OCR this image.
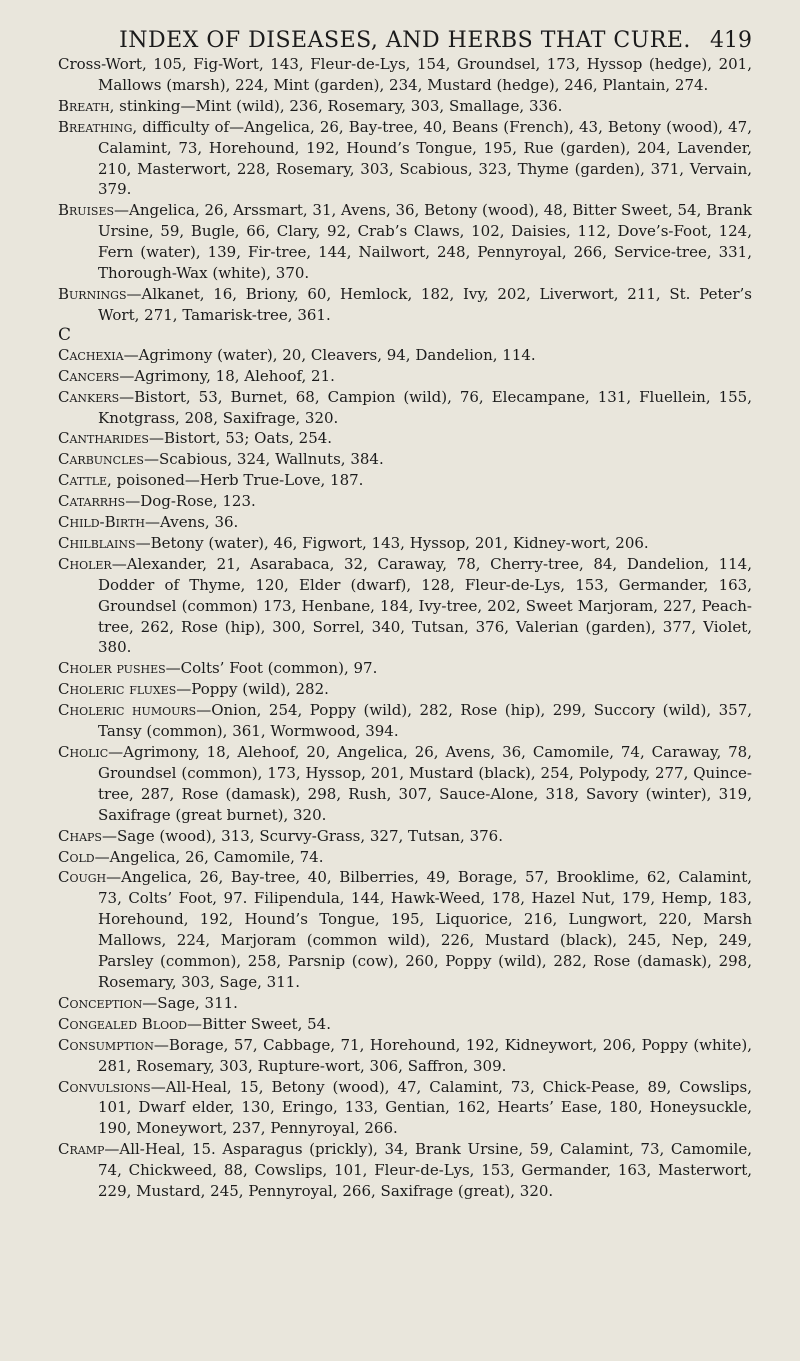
INDEX OF DISEASES, AND HERBS THAT CURE. 419

Cross-Wort, 105, Fig-Wort, 143, Fleur-de-Lys, 154, Groundsel, 173, Hyssop (hedge), 201, Mallows (marsh), 224, Mint (garden), 234, Mustard (hedge), 246, Plantain, 274.

Breath, stinking—Mint (wild), 236, Rosemary, 303, Smallage, 336.

Breathing, difficulty of—Angelica, 26, Bay-tree, 40, Beans (French), 43, Betony (wood), 47, Calamint, 73, Horehound, 192, Hound’s Tongue, 195, Rue (garden), 204, Lavender, 210, Masterwort, 228, Rosemary, 303, Scabious, 323, Thyme (garden), 371, Vervain, 379.

Bruises—Angelica, 26, Arssmart, 31, Avens, 36, Betony (wood), 48, Bitter Sweet, 54, Brank Ursine, 59, Bugle, 66, Clary, 92, Crab’s Claws, 102, Daisies, 112, Dove’s-Foot, 124, Fern (water), 139, Fir-tree, 144, Nailwort, 248, Pennyroyal, 266, Service-tree, 331, Thorough-Wax (white), 370.

Burnings—Alkanet, 16, Briony, 60, Hemlock, 182, Ivy, 202, Liverwort, 211, St. Peter’s Wort, 271, Tamarisk-tree, 361.

C

Cachexia—Agrimony (water), 20, Cleavers, 94, Dandelion, 114.

Cancers—Agrimony, 18, Alehoof, 21.

Cankers—Bistort, 53, Burnet, 68, Campion (wild), 76, Elecampane, 131, Fluellein, 155, Knotgrass, 208, Saxifrage, 320.

Cantharides—Bistort, 53; Oats, 254.

Carbuncles—Scabious, 324, Wallnuts, 384.

Cattle, poisoned—Herb True-Love, 187.

Catarrhs—Dog-Rose, 123.

Child-Birth—Avens, 36.

Chilblains—Betony (water), 46, Figwort, 143, Hyssop, 201, Kidney-wort, 206.

Choler—Alexander, 21, Asarabaca, 32, Caraway, 78, Cherry-tree, 84, Dandelion, 114, Dodder of Thyme, 120, Elder (dwarf), 128, Fleur-de-Lys, 153, Germander, 163, Groundsel (common) 173, Henbane, 184, Ivy-tree, 202, Sweet Marjoram, 227, Peach-tree, 262, Rose (hip), 300, Sorrel, 340, Tutsan, 376, Valerian (garden), 377, Violet, 380.

Choler pushes—Colts’ Foot (common), 97.

Choleric fluxes—Poppy (wild), 282.

Choleric humours—Onion, 254, Poppy (wild), 282, Rose (hip), 299, Succory (wild), 357, Tansy (common), 361, Wormwood, 394.

Cholic—Agrimony, 18, Alehoof, 20, Angelica, 26, Avens, 36, Camomile, 74, Caraway, 78, Groundsel (common), 173, Hyssop, 201, Mustard (black), 254, Polypody, 277, Quince-tree, 287, Rose (damask), 298, Rush, 307, Sauce-Alone, 318, Savory (winter), 319, Saxifrage (great burnet), 320.

Chaps—Sage (wood), 313, Scurvy-Grass, 327, Tutsan, 376.

Cold—Angelica, 26, Camomile, 74.

Cough—Angelica, 26, Bay-tree, 40, Bilberries, 49, Borage, 57, Brooklime, 62, Calamint, 73, Colts’ Foot, 97. Filipendula, 144, Hawk-Weed, 178, Hazel Nut, 179, Hemp, 183, Horehound, 192, Hound’s Tongue, 195, Liquorice, 216, Lungwort, 220, Marsh Mallows, 224, Marjoram (common wild), 226, Mustard (black), 245, Nep, 249, Parsley (common), 258, Parsnip (cow), 260, Poppy (wild), 282, Rose (damask), 298, Rosemary, 303, Sage, 311.

Conception—Sage, 311.

Congealed Blood—Bitter Sweet, 54.

Consumption—Borage, 57, Cabbage, 71, Horehound, 192, Kidneywort, 206, Poppy (white), 281, Rosemary, 303, Rupture-wort, 306, Saffron, 309.

Convulsions—All-Heal, 15, Betony (wood), 47, Calamint, 73, Chick-Pease, 89, Cowslips, 101, Dwarf elder, 130, Eringo, 133, Gentian, 162, Hearts’ Ease, 180, Honeysuckle, 190, Moneywort, 237, Pennyroyal, 266.

Cramp—All-Heal, 15. Asparagus (prickly), 34, Brank Ursine, 59, Calamint, 73, Camomile, 74, Chickweed, 88, Cowslips, 101, Fleur-de-Lys, 153, Germander, 163, Masterwort, 229, Mustard, 245, Pennyroyal, 266, Saxifrage (great), 320.
